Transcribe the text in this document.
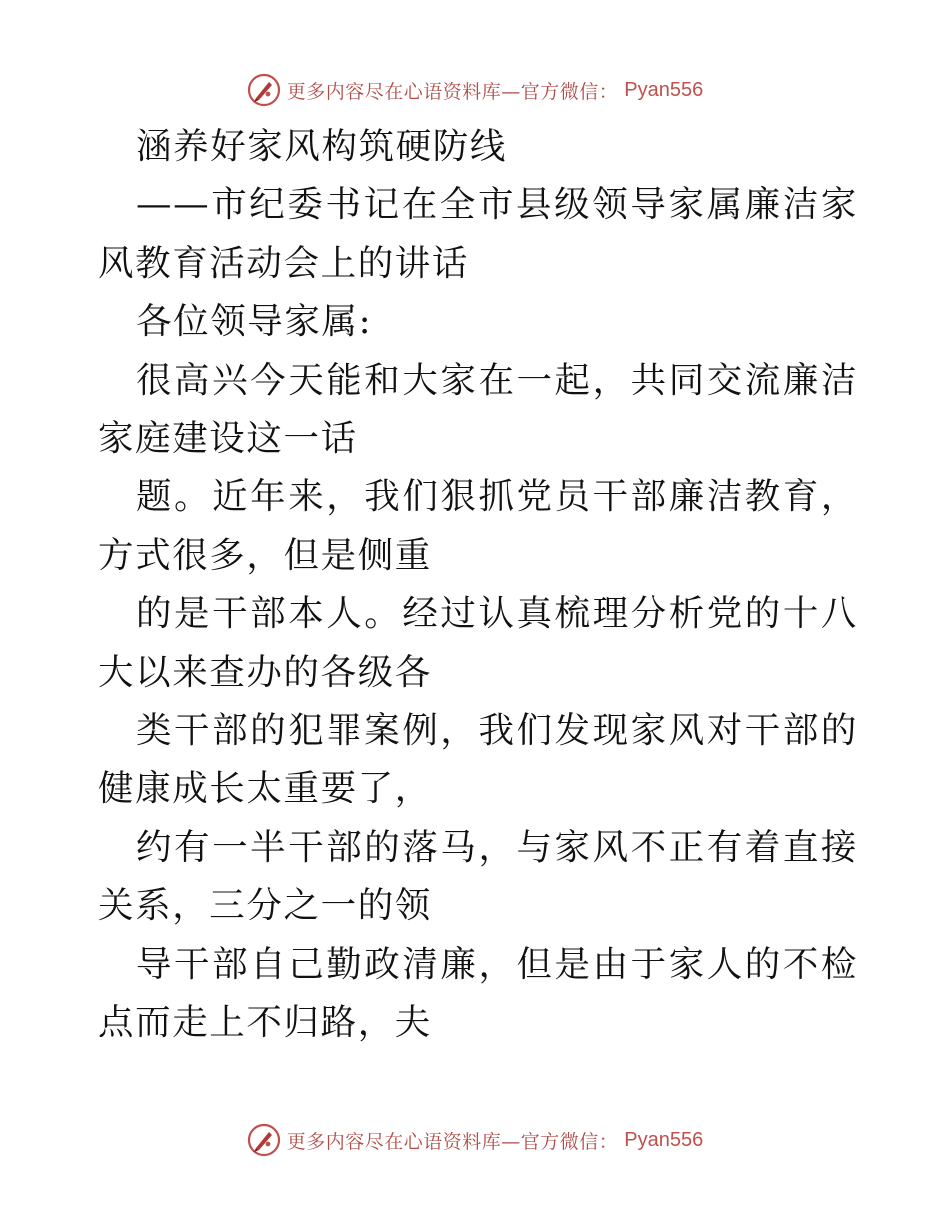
更多内容尽在心语资料库—官方微信： Pyan556

涵养好家风构筑硬防线

——市纪委书记在全市县级领导家属廉洁家风教育活动会上的讲话

各位领导家属:

很高兴今天能和大家在一起，共同交流廉洁家庭建设这一话

题。近年来，我们狠抓党员干部廉洁教育，方式很多，但是侧重

的是干部本人。经过认真梳理分析党的十八大以来查办的各级各

类干部的犯罪案例，我们发现家风对干部的健康成长太重要了，

约有一半干部的落马，与家风不正有着直接关系，三分之一的领

导干部自己勤政清廉，但是由于家人的不检点而走上不归路，夫

更多内容尽在心语资料库—官方微信： Pyan556
